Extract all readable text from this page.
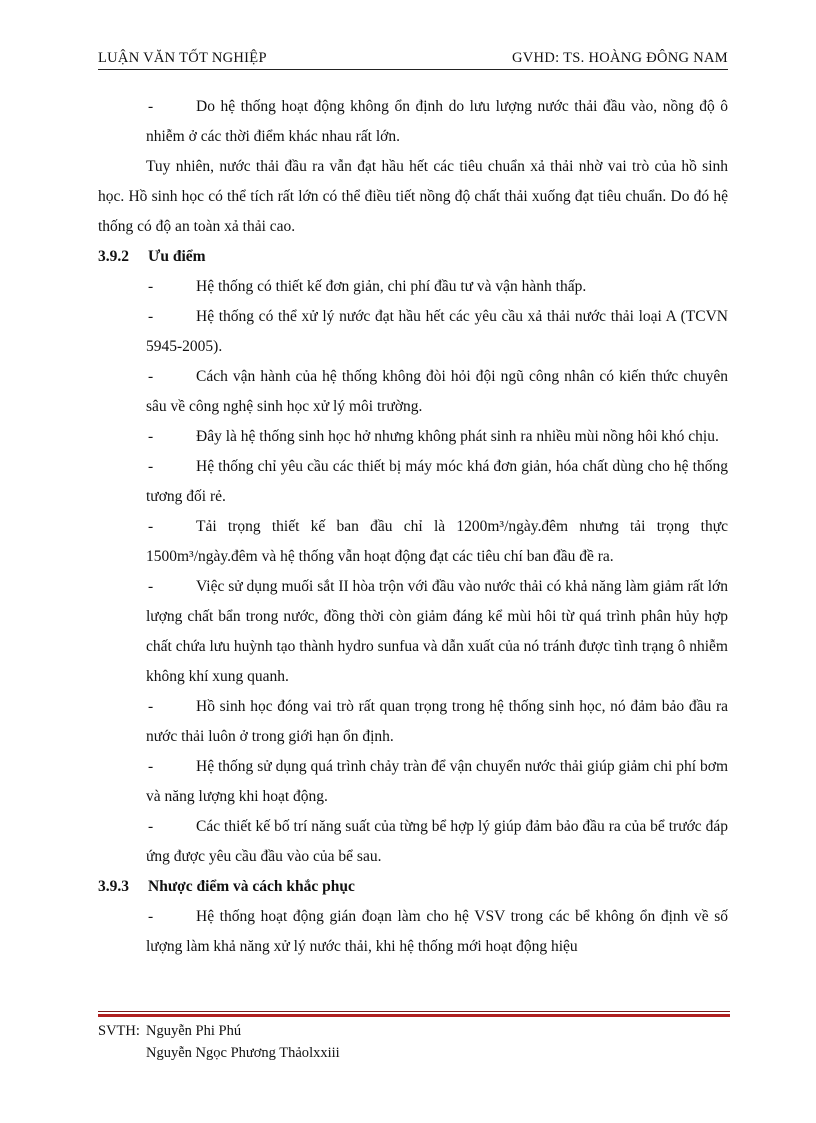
LUẬN VĂN TỐT NGHIỆP	GVHD: TS. HOÀNG ĐÔNG NAM
-	Do hệ thống hoạt động không ổn định do lưu lượng nước thải đầu vào, nồng độ ô nhiễm ở các thời điểm khác nhau rất lớn.
Tuy nhiên, nước thải đầu ra vẫn đạt hầu hết các tiêu chuẩn xả thải nhờ vai trò của hồ sinh học. Hồ sinh học có thể tích rất lớn có thể điều tiết nồng độ chất thải xuống đạt tiêu chuẩn. Do đó hệ thống có độ an toàn xả thải cao.
3.9.2 Ưu điểm
-	Hệ thống có thiết kế đơn giản, chi phí đầu tư và vận hành thấp.
-	Hệ thống có thể xử lý nước đạt hầu hết các yêu cầu xả thải nước thải loại A (TCVN 5945-2005).
-	Cách vận hành của hệ thống không đòi hỏi đội ngũ công nhân có kiến thức chuyên sâu về công nghệ sinh học xử lý môi trường.
-	Đây là hệ thống sinh học hở nhưng không phát sinh ra nhiều mùi nồng hôi khó chịu.
-	Hệ thống chỉ yêu cầu các thiết bị máy móc khá đơn giản, hóa chất dùng cho hệ thống tương đối rẻ.
-	Tải trọng thiết kế ban đầu chỉ là 1200m³/ngày.đêm nhưng tải trọng thực 1500m³/ngày.đêm và hệ thống vẫn hoạt động đạt các tiêu chí ban đầu đề ra.
-	Việc sử dụng muối sắt II hòa trộn với đầu vào nước thải có khả năng làm giảm rất lớn lượng chất bẩn trong nước, đồng thời còn giảm đáng kể mùi hôi từ quá trình phân hủy hợp chất chứa lưu huỳnh tạo thành hydro sunfua và dẫn xuất của nó tránh được tình trạng ô nhiễm không khí xung quanh.
-	Hồ sinh học đóng vai trò rất quan trọng trong hệ thống sinh học, nó đảm bảo đầu ra nước thải luôn ở trong giới hạn ổn định.
-	Hệ thống sử dụng quá trình chảy tràn để vận chuyển nước thải giúp giảm chi phí bơm và năng lượng khi hoạt động.
-	Các thiết kế bố trí năng suất của từng bể hợp lý giúp đảm bảo đầu ra của bể trước đáp ứng được yêu cầu đầu vào của bể sau.
3.9.3 Nhược điểm và cách khắc phục
-	Hệ thống hoạt động gián đoạn làm cho hệ VSV trong các bể không ổn định về số lượng làm khả năng xử lý nước thải, khi hệ thống mới hoạt động hiệu
SVTH: Nguyễn Phi Phú
Nguyễn Ngọc Phương Thảolxxiii
